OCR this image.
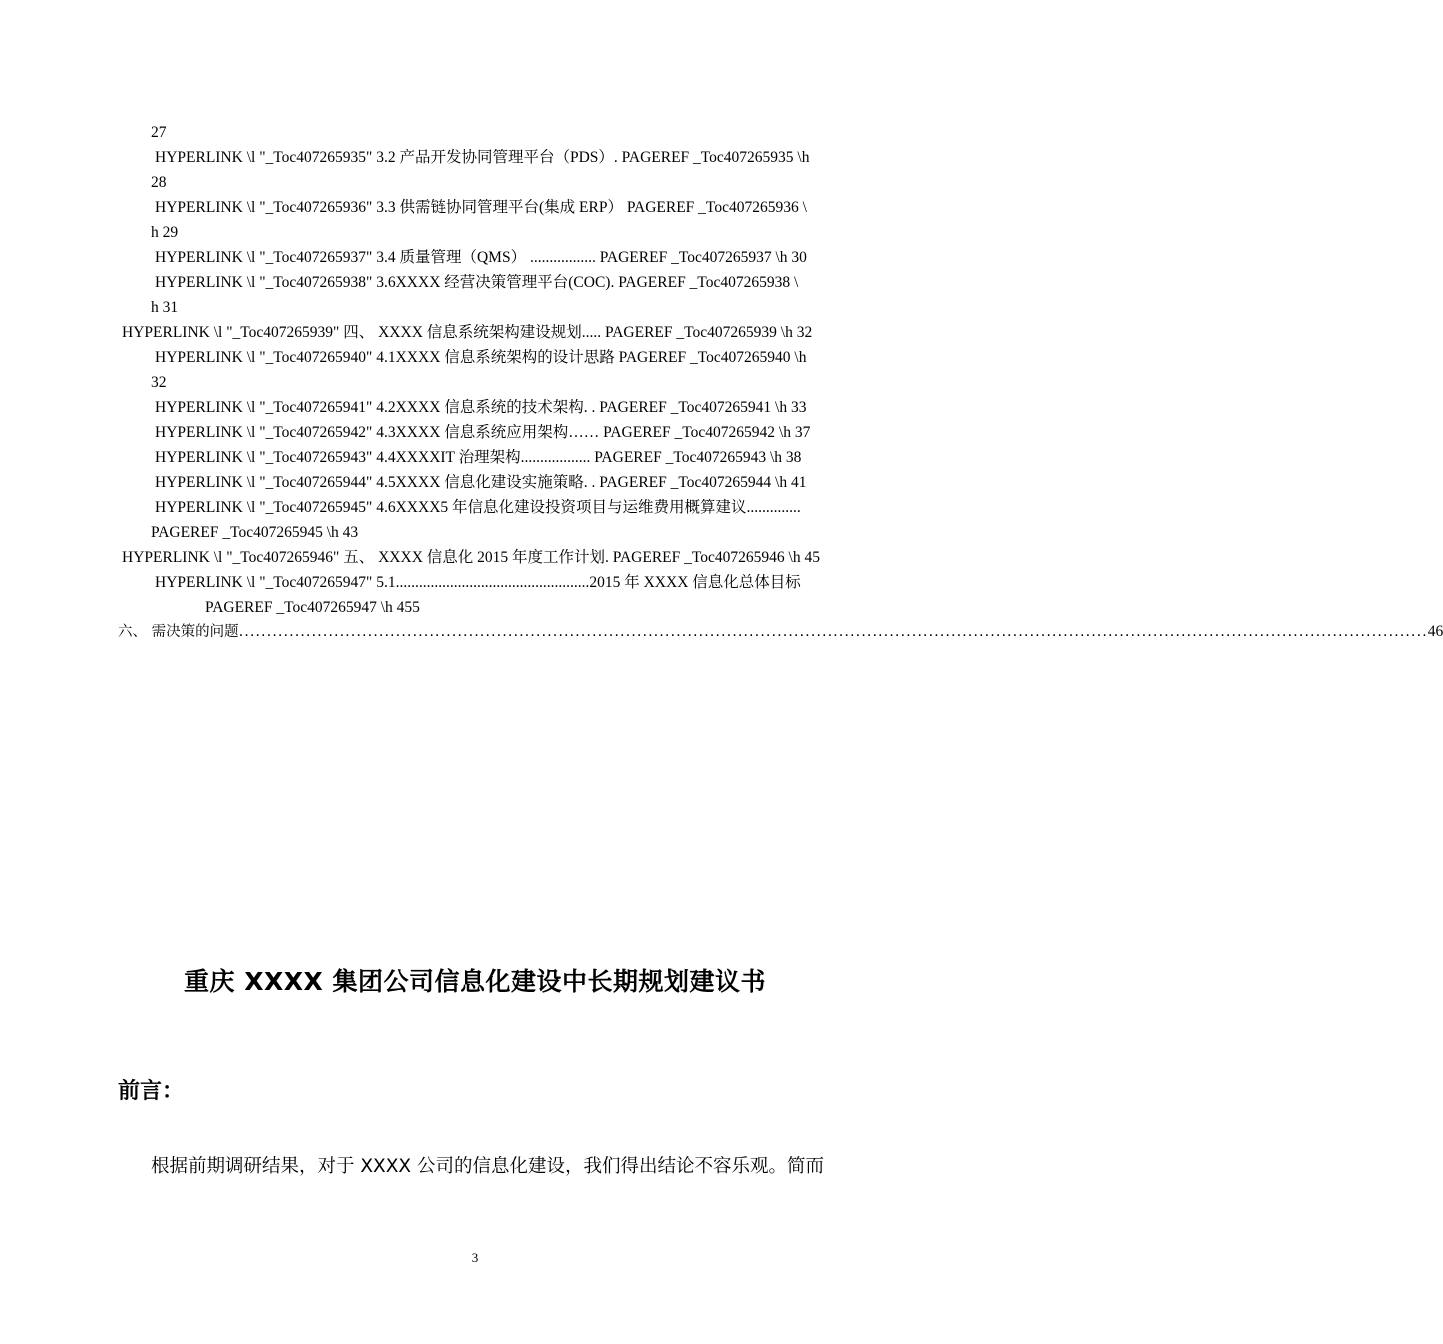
27
HYPERLINK \l "_Toc407265935" 3.2 产品开发协同管理平台（PDS）. PAGEREF _Toc407265935 \h
28
HYPERLINK \l "_Toc407265936" 3.3 供需链协同管理平台(集成 ERP） PAGEREF _Toc407265936 \
h 29
HYPERLINK \l "_Toc407265937" 3.4 质量管理（QMS） ................. PAGEREF _Toc407265937 \h 30
HYPERLINK \l "_Toc407265938" 3.6XXXX 经营决策管理平台(COC). PAGEREF _Toc407265938 \
h 31
HYPERLINK \l "_Toc407265939" 四、 XXXX 信息系统架构建设规划..... PAGEREF _Toc407265939 \h 32
HYPERLINK \l "_Toc407265940" 4.1XXXX 信息系统架构的设计思路 PAGEREF _Toc407265940 \h
32
HYPERLINK \l "_Toc407265941" 4.2XXXX 信息系统的技术架构. . PAGEREF _Toc407265941 \h 33
HYPERLINK \l "_Toc407265942" 4.3XXXX 信息系统应用架构…… PAGEREF _Toc407265942 \h 37
HYPERLINK \l "_Toc407265943" 4.4XXXXIT 治理架构.................. PAGEREF _Toc407265943 \h 38
HYPERLINK \l "_Toc407265944" 4.5XXXX 信息化建设实施策略. . PAGEREF _Toc407265944 \h 41
HYPERLINK \l "_Toc407265945" 4.6XXXX5 年信息化建设投资项目与运维费用概算建议..............
PAGEREF _Toc407265945 \h 43
HYPERLINK \l "_Toc407265946" 五、 XXXX 信息化 2015 年度工作计划. PAGEREF _Toc407265946 \h 45
HYPERLINK \l "_Toc407265947" 5.1..................................................2015 年 XXXX 信息化总体目标
PAGEREF _Toc407265947 \h 455
六、 需决策的问题 .................................................................................................................................................................................................................... 46
重庆 XXXX 集团公司信息化建设中长期规划建议书
前言：
根据前期调研结果，对于 XXXX 公司的信息化建设，我们得出结论不容乐观。简而
3
